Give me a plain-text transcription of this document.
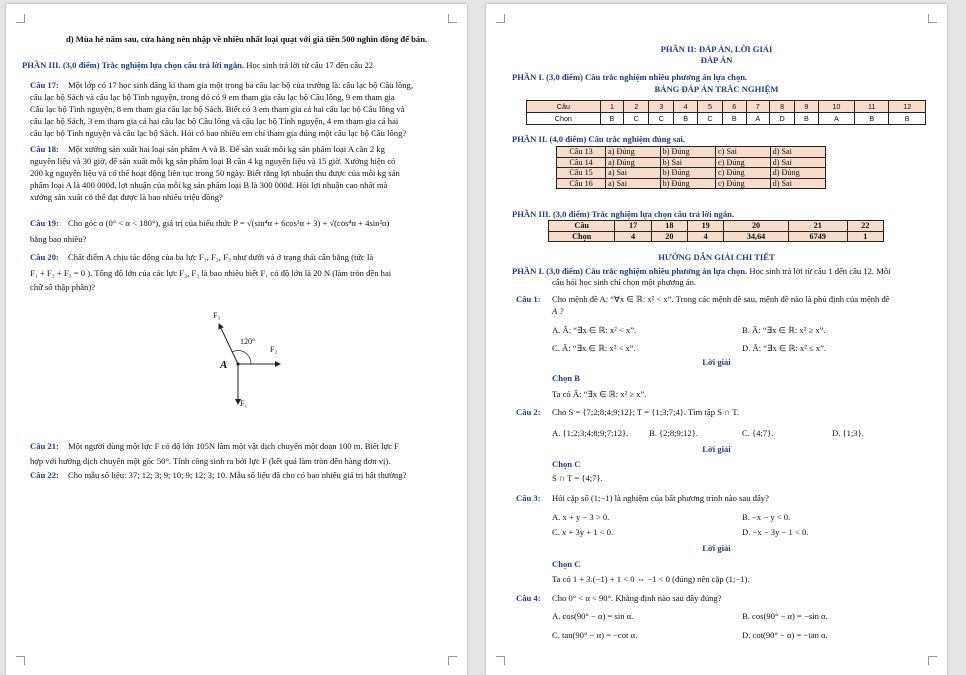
d) Mùa hè năm sau, cửa hàng nên nhập về nhiều nhất loại quạt với giá tiền 500 nghìn đồng để bán.
PHẦN III. (3,0 điểm) Trắc nghiệm lựa chọn câu trả lời ngắn. Học sinh trả lời từ câu 17 đến câu 22
Câu 17: Một lớp có 17 học sinh đăng kí tham gia một trong ba câu lạc bộ của trường là: câu lạc bộ Cầu lông,
câu lạc bộ Sách và câu lạc bộ Tình nguyện, trong đó có 9 em tham gia câu lạc bộ Cầu lông, 9 em tham gia
Câu lạc bộ Tình nguyện, 8 em tham gia câu lạc bộ Sách. Biết có 3 em tham gia cả hai câu lạc bộ Cầu lông và
câu lạc bộ Sách, 3 em tham gia cả hai câu lạc bộ Cầu lông và câu lạc bộ Tình nguyện, 4 em tham gia cả hai
câu lạc bộ Tình nguyện và câu lạc bộ Sách. Hỏi có bao nhiêu em chỉ tham gia đúng một câu lạc bộ Cầu lông?
Câu 18: Một xưởng sản xuất hai loại sản phẩm A và B. Để sản xuất mỗi kg sản phẩm loại A cần 2 kg
nguyên liệu và 30 giờ, để sản xuất mỗi kg sản phẩm loại B cần 4 kg nguyên liệu và 15 giờ. Xưởng hiện có
200 kg nguyên liệu và có thể hoạt động liên tục trong 50 ngày. Biết rằng lợi nhuận thu được của mỗi kg sản
phẩm loại A là 400 000đ, lợi nhuận của mỗi kg sản phẩm loại B là 300 000đ. Hỏi lợi nhuận cao nhất mà
xưởng sản xuất có thể đạt được là bao nhiêu triệu đồng?
Câu 19: Cho góc α (0° < α < 180°), giá trị của biểu thức P = √(sin⁴α + 6cos²α + 3) + √(cos⁴α + 4sin²α)
bằng bao nhiêu?
Câu 20: Chất điểm A chịu tác động của ba lực F₁, F₂, F₃ như dưới và ở trạng thái cân bằng (tức là
F₁ + F₂ + F₃ = 0 ). Tổng độ lớn của các lực F₂, F₃ là bao nhiêu biết F₁ có độ lớn là 20 N (làm tròn đến hai
chữ số thập phân)?
F₃
120°
F₂
A
F₁
Câu 21: Một người dùng một lực F có độ lớn 105N làm một vật dịch chuyển một đoạn 100 m. Biết lực F
hợp với hướng dịch chuyển một góc 50°. Tính công sinh ra bởi lực F (kết quả làm tròn đến hàng đơn vị).
Câu 22: Cho mẫu số liệu: 37; 12; 3; 9; 10; 9; 12; 3; 10. Mẫu số liệu đã cho có bao nhiêu giá trị bất thường?
PHẦN II: ĐÁP ÁN, LỜI GIẢI
ĐÁP ÁN
PHẦN I. (3,0 điểm) Câu trắc nghiệm nhiều phương án lựa chọn.
BẢNG ĐÁP ÁN TRẮC NGHIỆM
Câu	1	2	3	4	5	6	7	8	9	10	11	12
Chọn	B	C	C	B	C	B	A	D	B	A	B	B
PHẦN II. (4,0 điểm) Câu trắc nghiệm đúng sai.
Câu 13	a) Đúng	b) Đúng	c) Sai	d) Sai
Câu 14	a) Đúng	b) Sai	c) Đúng	d) Sai
Câu 15	a) Sai	b) Đúng	c) Đúng	d) Đúng
Câu 16	a) Sai	b) Đúng	c) Đúng	d) Sai
PHẦN III. (3,0 điểm) Trắc nghiệm lựa chọn câu trả lời ngắn.
Câu	17	18	19	20	21	22
Chọn	4	20	4	34,64	6749	1
HƯỚNG DẪN GIẢI CHI TIẾT
PHẦN I. (3,0 điểm) Câu trắc nghiệm nhiều phương án lựa chọn. Học sinh trả lời từ câu 1 đến câu 12. Mỗi
câu hỏi học sinh chỉ chọn một phương án.
Câu 1: Cho mệnh đề A: “∀x ∈ ℝ: x² < x”. Trong các mệnh đề sau, mệnh đề nào là phủ định của mệnh đề
A ?
A. Ā: “∃x ∈ ℝ: x² < x”.	B. Ā: “∃x ∈ ℝ: x² ≥ x”.
C. Ā: “∃x ∈ ℝ: x² < x”.	D. Ā: “∃x ∈ ℝ: x² ≤ x”.
Lời giải
Chọn B
Ta có Ā: “∃x ∈ ℝ: x² ≥ x”.
Câu 2: Cho S = {7;2;8;4;9;12}; T = {1;3;7;4}. Tìm tập S ∩ T.
A. {1;2;3;4;8;9;7;12}. B. {2;8;9;12}.	C. {4;7}.	D. {1;3}.
Lời giải
Chọn C
S ∩ T = {4;7}.
Câu 3: Hỏi cặp số (1;−1) là nghiệm của bất phương trình nào sau đây?
A. x + y − 3 > 0.	B. −x − y < 0.
C. x + 3y + 1 < 0.	D. −x − 3y − 1 < 0.
Lời giải
Chọn C
Ta có 1 + 3.(−1) + 1 < 0 ⇔ −1 < 0 (đúng) nên cặp (1;−1).
Câu 4: Cho 0° < α < 90°. Khẳng định nào sau đây đúng?
A. cos(90° − α) = sin α.	B. cos(90° − α) = −sin α.
C. tan(90° − α) = −cot α.	D. cot(90° − α) = −tan α.
